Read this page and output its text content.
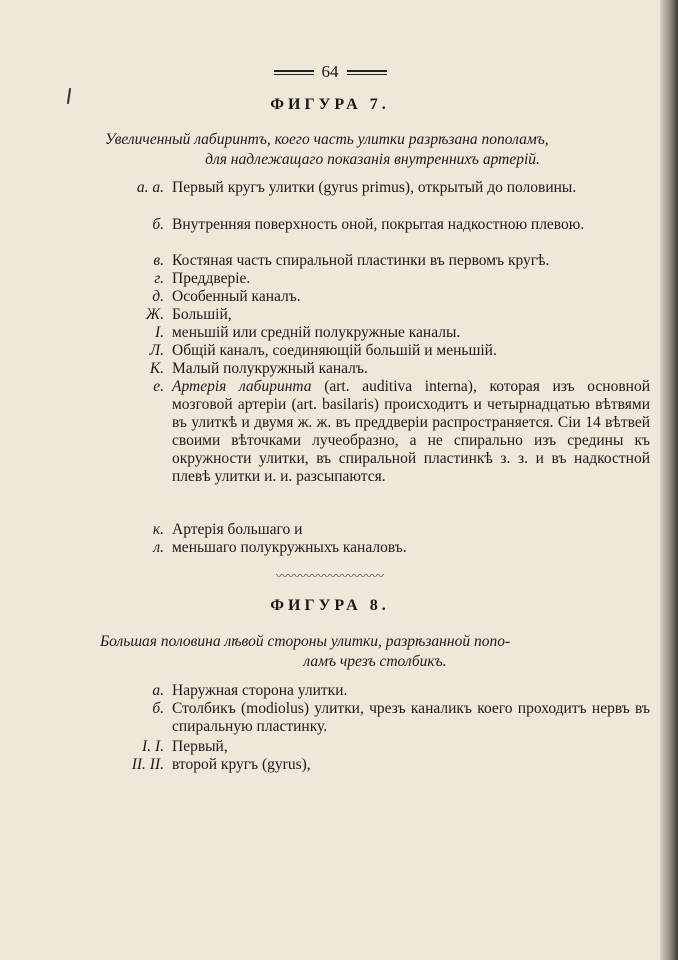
64
ФИГУРА 7.
Увеличенный лабиринтъ, коего часть улитки разрѣзана пополамъ,
для надлежащаго показанія внутреннихъ артерій.
а. а. Первый кругъ улитки (gyrus primus), открытый до половины.
б. Внутренняя поверхность оной, покрытая надкостною плевою.
в. Костяная часть спиральной пластинки въ первомъ кругѣ.
г. Преддверіе.
д. Особенный каналъ.
Ж. Большій,
I. меньшій или средній полукружные каналы.
Л. Общій каналъ, соединяющій большій и меньшій.
К. Малый полукружный каналъ.
е. Артерія лабиринта (art. auditiva interna), которая изъ основной мозговой артеріи (art. basilaris) происходитъ и четырнадцатью вѣтвями въ улиткѣ и двумя ж. ж. въ преддверіи распространяется. Сіи 14 вѣтвей своими вѣточками лучеобразно, а не спирально изъ средины къ окружности улитки, въ спиральной пластинкѣ з. з. и въ надкостной плевѣ улитки и. и. разсыпаются.
к. Артерія большаго и
л. меньшаго полукружныхъ каналовъ.
〰〰〰〰〰〰〰〰〰
ФИГУРА 8.
Большая половина лѣвой стороны улитки, разрѣзанной попо-
ламъ чрезъ столбикъ.
а. Наружная сторона улитки.
б. Столбикъ (modiolus) улитки, чрезъ каналикъ коего проходитъ нервъ въ спиральную пластинку.
I. I. Первый,
II. II. второй кругъ (gyrus),
